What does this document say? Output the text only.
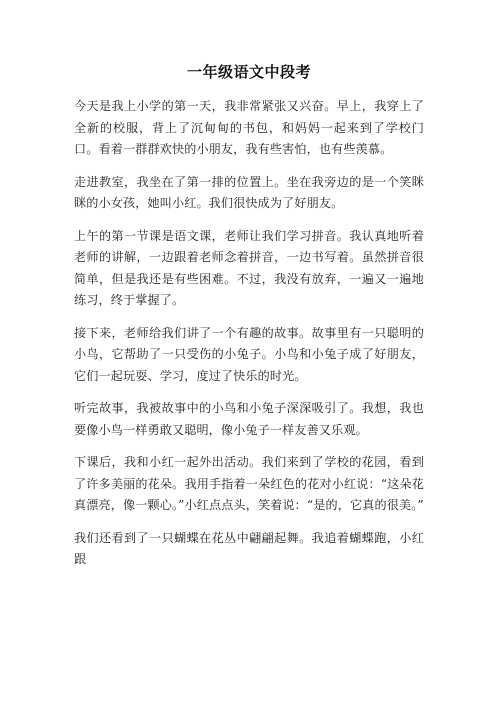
一年级语文中段考

今天是我上小学的第一天，我非常紧张又兴奋。早上，我穿上了全新的校服，背上了沉甸甸的书包，和妈妈一起来到了学校门口。看着一群群欢快的小朋友，我有些害怕，也有些羡慕。

走进教室，我坐在了第一排的位置上。坐在我旁边的是一个笑眯眯的小女孩，她叫小红。我们很快成为了好朋友。

上午的第一节课是语文课，老师让我们学习拼音。我认真地听着老师的讲解，一边跟着老师念着拼音，一边书写着。虽然拼音很简单，但是我还是有些困难。不过，我没有放弃，一遍又一遍地练习，终于掌握了。

接下来，老师给我们讲了一个有趣的故事。故事里有一只聪明的小鸟，它帮助了一只受伤的小兔子。小鸟和小兔子成了好朋友，它们一起玩耍、学习，度过了快乐的时光。

听完故事，我被故事中的小鸟和小兔子深深吸引了。我想，我也要像小鸟一样勇敢又聪明，像小兔子一样友善又乐观。

下课后，我和小红一起外出活动。我们来到了学校的花园，看到了许多美丽的花朵。我用手指着一朵红色的花对小红说：“这朵花真漂亮，像一颗心。”小红点点头，笑着说：“是的，它真的很美。”

我们还看到了一只蝴蝶在花丛中翩翩起舞。我追着蝴蝶跑，小红跟
